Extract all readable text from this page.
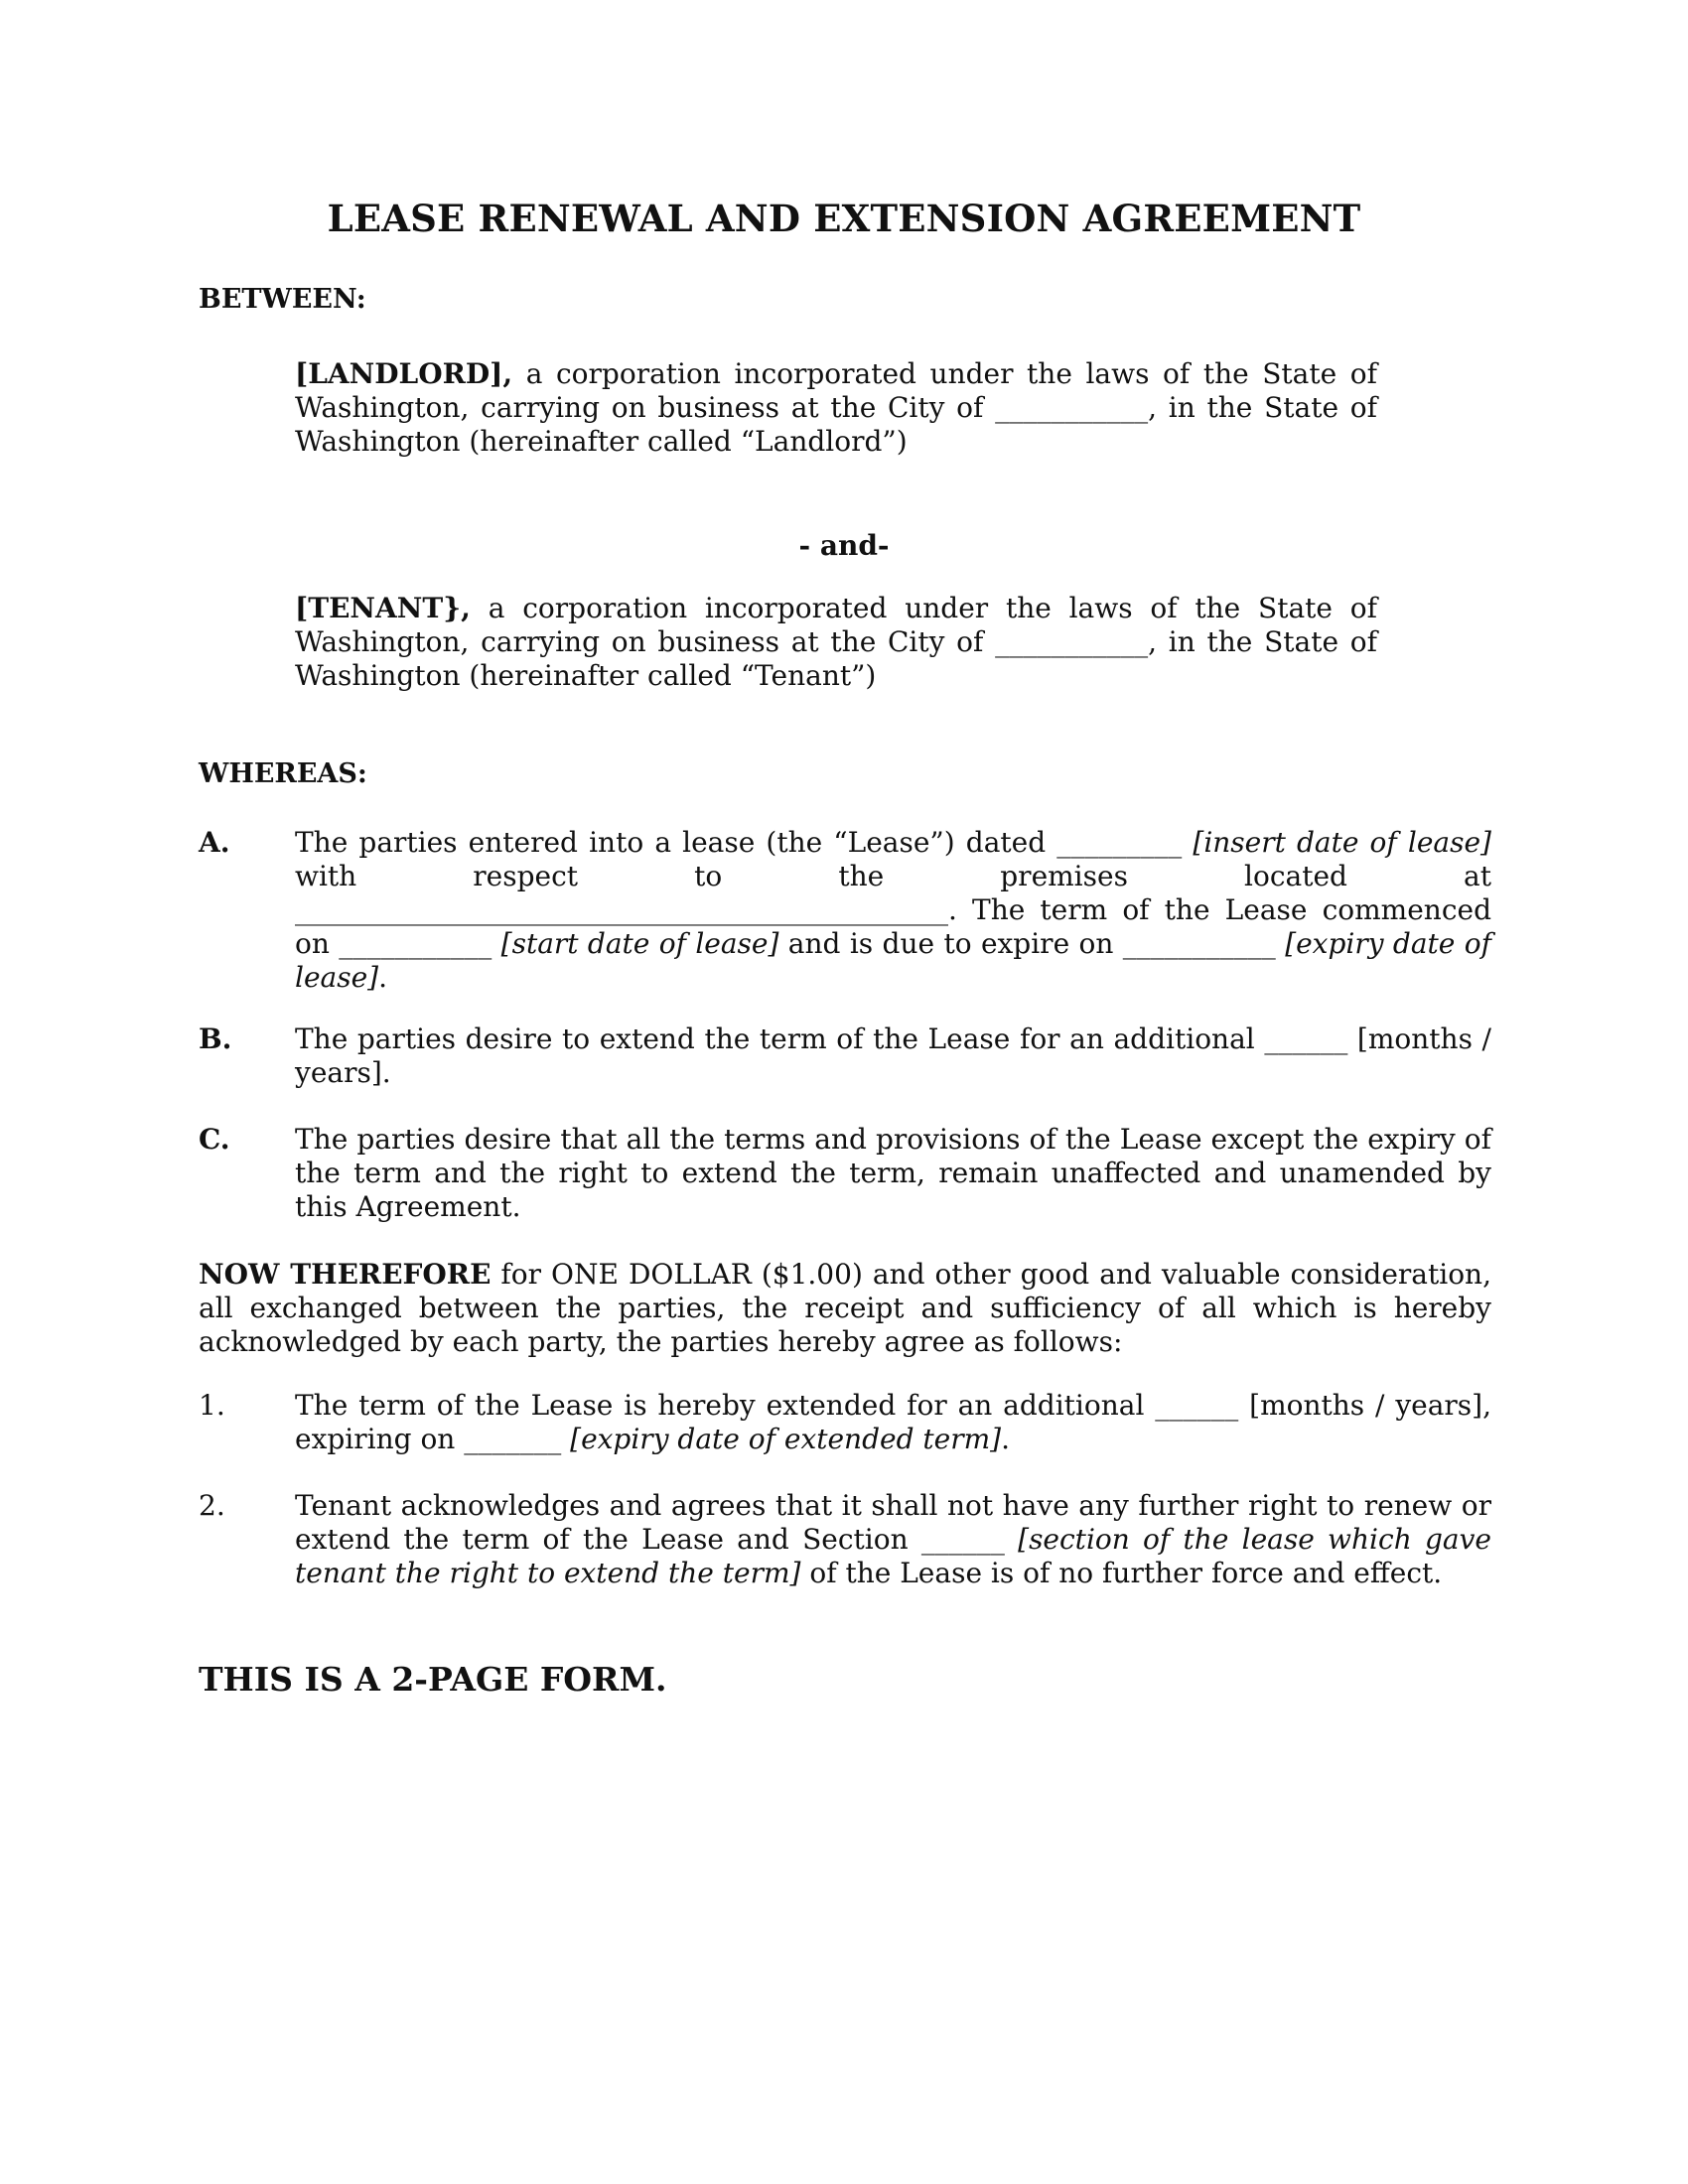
LEASE RENEWAL AND EXTENSION AGREEMENT
BETWEEN:
[LANDLORD], a corporation incorporated under the laws of the State of Washington, carrying on business at the City of ___________, in the State of Washington (hereinafter called “Landlord”)
- and-
[TENANT}, a corporation incorporated under the laws of the State of Washington, carrying on business at the City of ___________, in the State of Washington (hereinafter called “Tenant”)
WHEREAS:
A.	The parties entered into a lease (the “Lease”) dated _________ [insert date of lease] with respect to the premises located at _______________________________________________. The term of the Lease commenced on ___________ [start date of lease] and is due to expire on ___________ [expiry date of lease].
B.	The parties desire to extend the term of the Lease for an additional ______ [months / years].
C.	The parties desire that all the terms and provisions of the Lease except the expiry of the term and the right to extend the term, remain unaffected and unamended by this Agreement.
NOW THEREFORE for ONE DOLLAR ($1.00) and other good and valuable consideration, all exchanged between the parties, the receipt and sufficiency of all which is hereby acknowledged by each party, the parties hereby agree as follows:
1.	The term of the Lease is hereby extended for an additional ______ [months / years], expiring on _______ [expiry date of extended term].
2.	Tenant acknowledges and agrees that it shall not have any further right to renew or extend the term of the Lease and Section ______ [section of the lease which gave tenant the right to extend the term] of the Lease is of no further force and effect.
THIS IS A 2-PAGE FORM.
